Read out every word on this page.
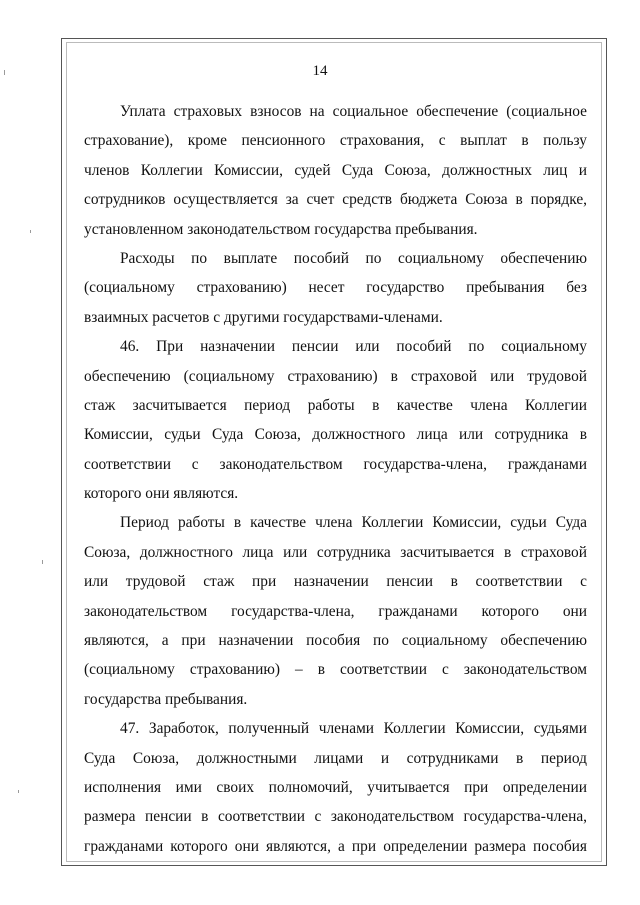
14
Уплата страховых взносов на социальное обеспечение (социальное
страхование), кроме пенсионного страхования, с выплат в пользу
членов Коллегии Комиссии, судей Суда Союза, должностных лиц и
сотрудников осуществляется за счет средств бюджета Союза в порядке,
установленном законодательством государства пребывания.
Расходы по выплате пособий по социальному обеспечению
(социальному страхованию) несет государство пребывания без
взаимных расчетов с другими государствами-членами.
46. При назначении пенсии или пособий по социальному
обеспечению (социальному страхованию) в страховой или трудовой
стаж засчитывается период работы в качестве члена Коллегии
Комиссии, судьи Суда Союза, должностного лица или сотрудника в
соответствии с законодательством государства-члена, гражданами
которого они являются.
Период работы в качестве члена Коллегии Комиссии, судьи Суда
Союза, должностного лица или сотрудника засчитывается в страховой
или трудовой стаж при назначении пенсии в соответствии с
законодательством государства-члена, гражданами которого они
являются, а при назначении пособия по социальному обеспечению
(социальному страхованию) – в соответствии с законодательством
государства пребывания.
47. Заработок, полученный членами Коллегии Комиссии, судьями
Суда Союза, должностными лицами и сотрудниками в период
исполнения ими своих полномочий, учитывается при определении
размера пенсии в соответствии с законодательством государства-члена,
гражданами которого они являются, а при определении размера пособия
